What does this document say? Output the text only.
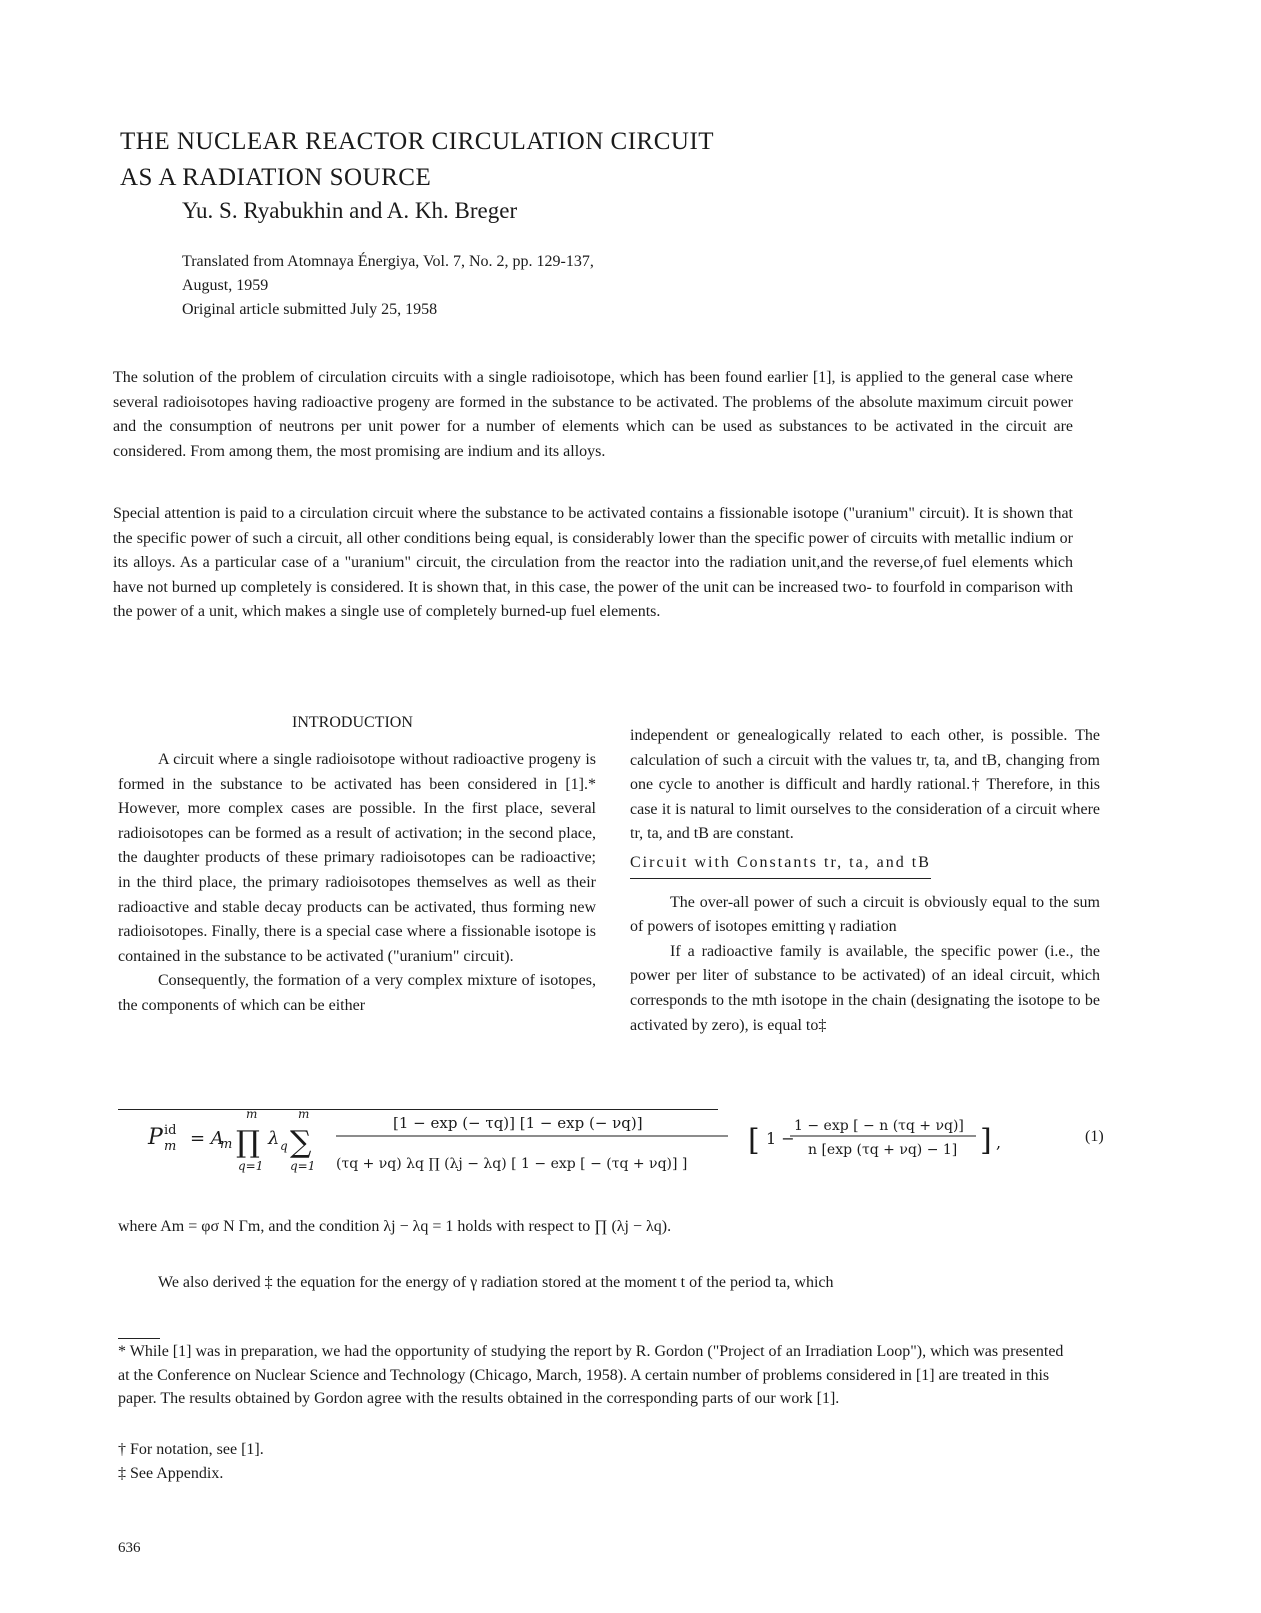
THE NUCLEAR REACTOR CIRCULATION CIRCUIT
AS A RADIATION SOURCE
Yu. S. Ryabukhin and A. Kh. Breger
Translated from Atomnaya Énergiya, Vol. 7, No. 2, pp. 129-137,
August, 1959
Original article submitted July 25, 1958
The solution of the problem of circulation circuits with a single radioisotope, which has been found earlier [1], is applied to the general case where several radioisotopes having radioactive progeny are formed in the substance to be activated. The problems of the absolute maximum circuit power and the consumption of neutrons per unit power for a number of elements which can be used as substances to be activated in the circuit are considered. From among them, the most promising are indium and its alloys.
Special attention is paid to a circulation circuit where the substance to be activated contains a fissionable isotope ("uranium" circuit). It is shown that the specific power of such a circuit, all other conditions being equal, is considerably lower than the specific power of circuits with metallic indium or its alloys. As a particular case of a "uranium" circuit, the circulation from the reactor into the radiation unit,and the reverse,of fuel elements which have not burned up completely is considered. It is shown that, in this case, the power of the unit can be increased two- to fourfold in comparison with the power of a unit, which makes a single use of completely burned-up fuel elements.
INTRODUCTION

A circuit where a single radioisotope without radioactive progeny is formed in the substance to be activated has been considered in [1].* However, more complex cases are possible. In the first place, several radioisotopes can be formed as a result of activation; in the second place, the daughter products of these primary radioisotopes can be radioactive; in the third place, the primary radioisotopes themselves as well as their radioactive and stable decay products can be activated, thus forming new radioisotopes. Finally, there is a special case where a fissionable isotope is contained in the substance to be activated ("uranium" circuit).

Consequently, the formation of a very complex mixture of isotopes, the components of which can be either

independent or genealogically related to each other, is possible. The calculation of such a circuit with the values tr, ta, and tB, changing from one cycle to another is difficult and hardly rational.† Therefore, in this case it is natural to limit ourselves to the consideration of a circuit where tr, ta, and tB are constant.

Circuit with Constants tr, ta, and tB

The over-all power of such a circuit is obviously equal to the sum of powers of isotopes emitting γ radiation

If a radioactive family is available, the specific power (i.e., the power per liter of substance to be activated) of an ideal circuit, which corresponds to the mth isotope in the chain (designating the isotope to be activated by zero), is equal to‡

P id
m = A
m
m
∏
q=1
λ q
m
∑
q=1
[1 − exp (− τq)] [1 − exp (− νq)]
(τq + νq) λq ∏ (λj − λq) [ 1 − exp [ − (τq + νq)] ]
[ 1 −
1 − exp [ − n (τq + νq)]
n [exp (τq + νq) − 1] ] ,	(1)
where Am = φσ N Γm, and the condition λj − λq = 1 holds with respect to ∏ (λj − λq).
We also derived ‡ the equation for the energy of γ radiation stored at the moment t of the period ta, which
* While [1] was in preparation, we had the opportunity of studying the report by R. Gordon ("Project of an Irradiation Loop"), which was presented at the Conference on Nuclear Science and Technology (Chicago, March, 1958). A certain number of problems considered in [1] are treated in this paper. The results obtained by Gordon agree with the results obtained in the corresponding parts of our work [1].
† For notation, see [1].
‡ See Appendix.
636
